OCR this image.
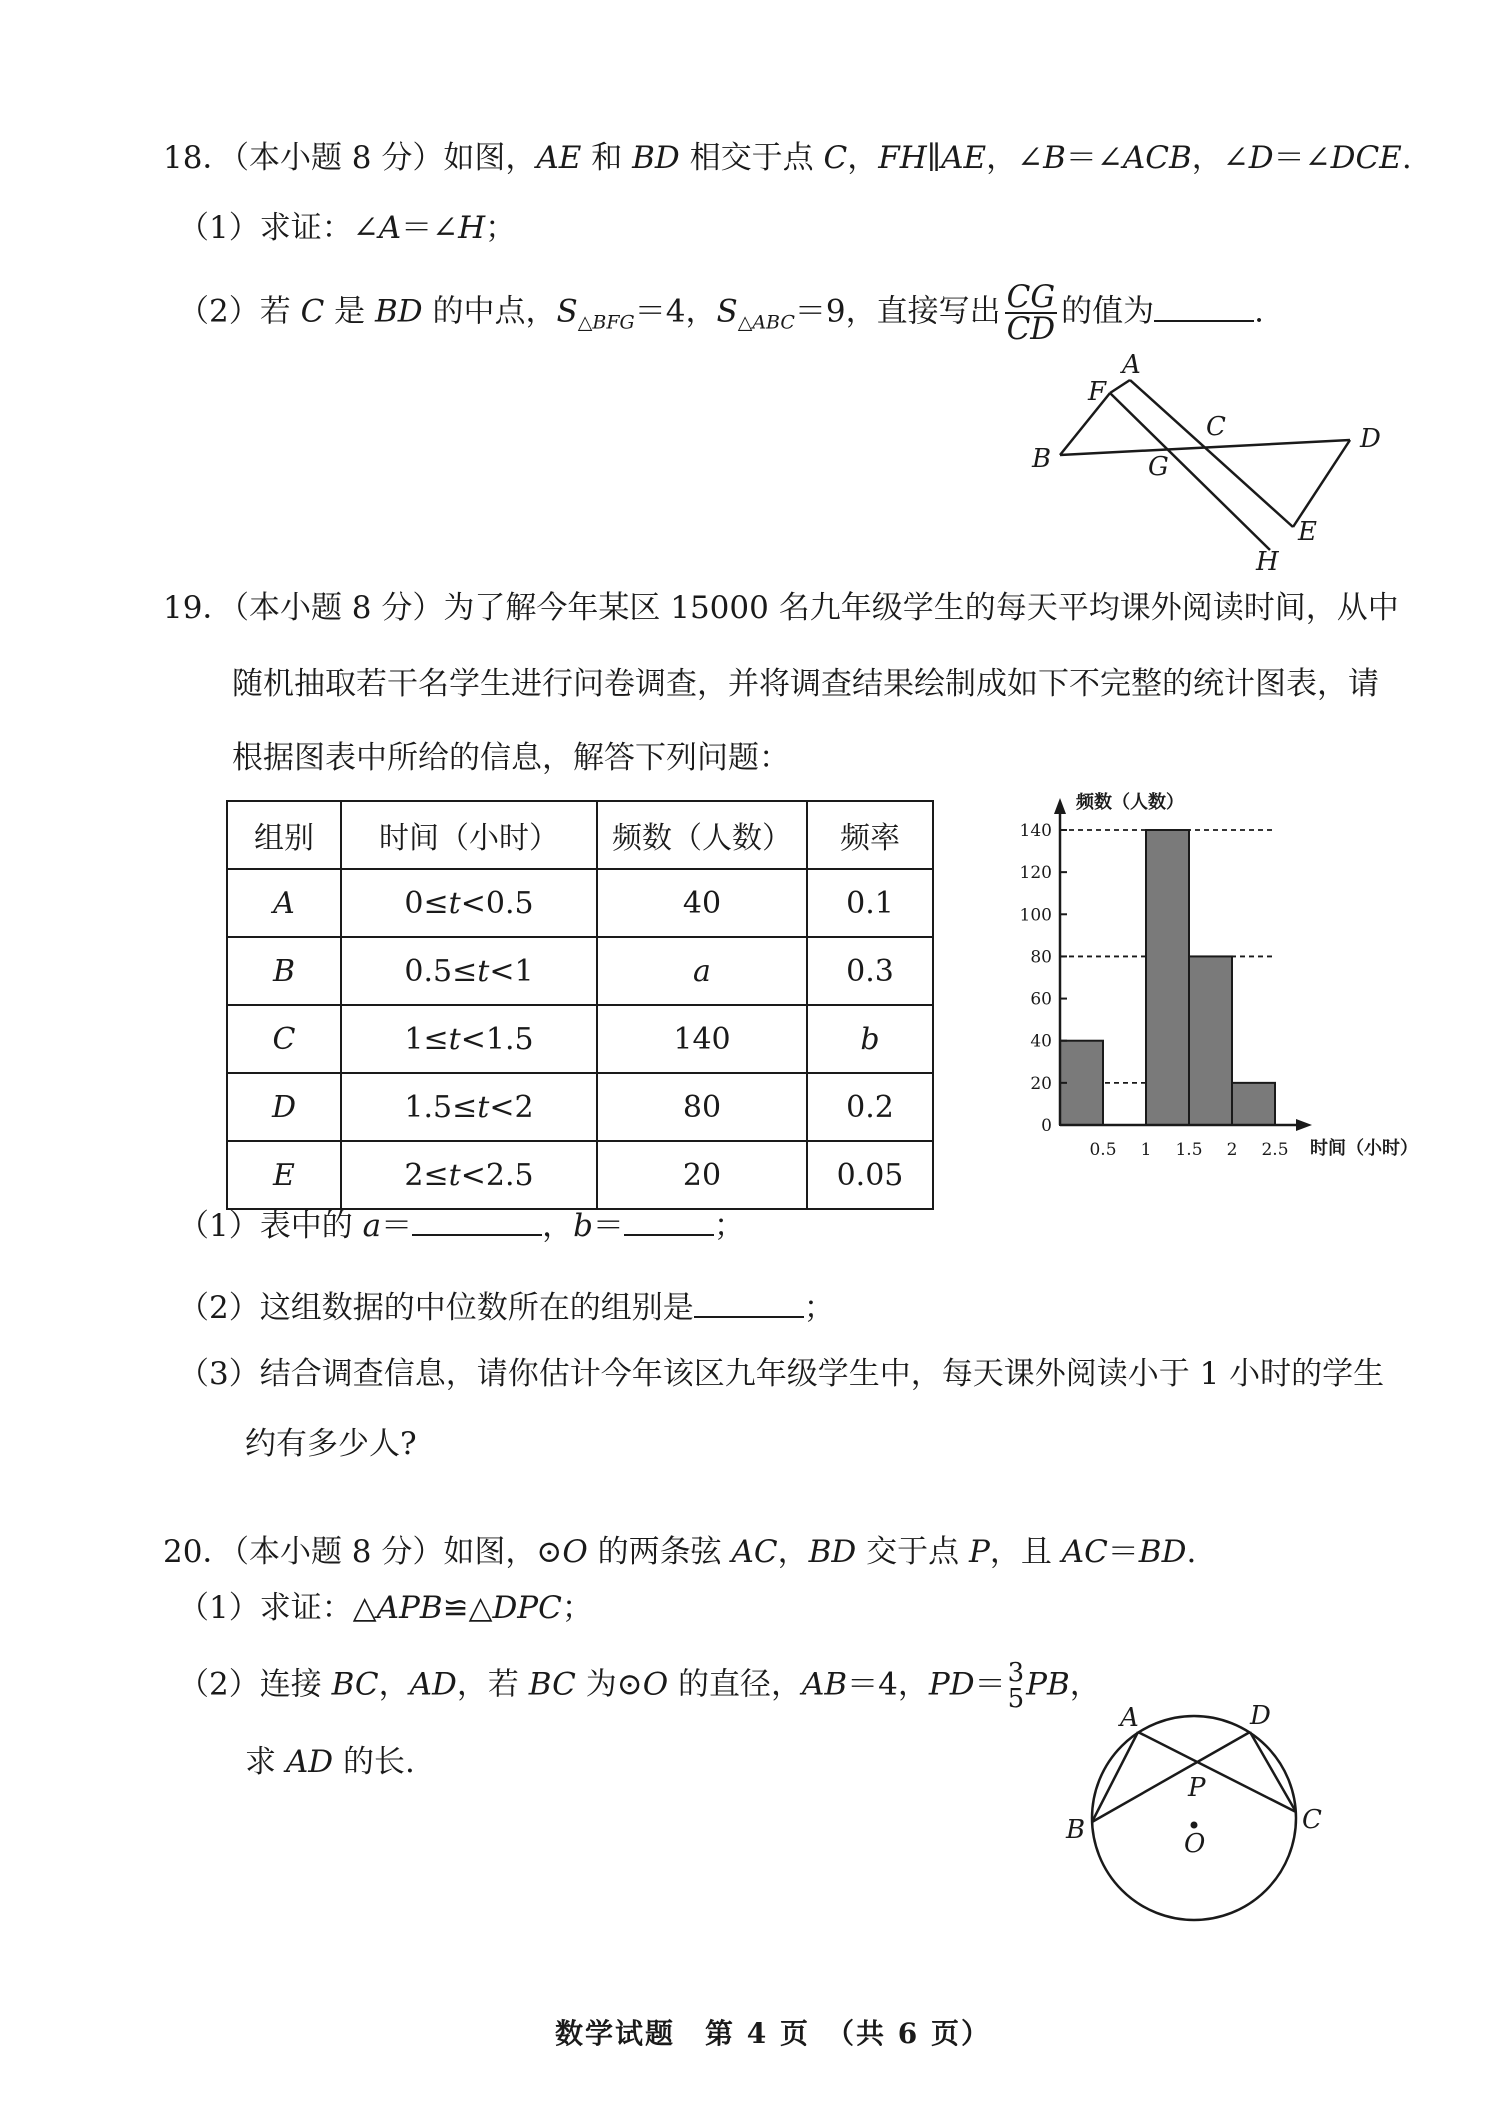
18．（本小题 8 分）如图，AE 和 BD 相交于点 C，FH∥AE，∠B＝∠ACB，∠D＝∠DCE.
（1）求证：∠A＝∠H；
（2）若 C 是 BD 的中点，$S_{\triangle BFG}=4$，$S_{\triangle ABC}=9$，直接写出 $\frac{CG}{CD}$ 的值为	.
A
F
C
B	G
D
E
H
19．（本小题 8 分）为了解今年某区 15000 名九年级学生的每天平均课外阅读时间，从中
随机抽取若干名学生进行问卷调查，并将调查结果绘制成如下不完整的统计图表，请
根据图表中所给的信息，解答下列问题：
组别	时间（小时）	频数（人数）	频率
A	0≤t<0.5	40	0.1
B	0.5≤t<1	a	0.3
C	1≤t<1.5	140	b
D	1.5≤t<2	80	0.2
E	2≤t<2.5	20	0.05
0
20
40
60
80
100
120
140
0.5 1 1.5 2 2.5
频数（人数）
时间（小时）
（1）表中的 a＝	，b＝	；
（2）这组数据的中位数所在的组别是	；
（3）结合调查信息，请你估计今年该区九年级学生中，每天课外阅读小于 1 小时的学生
约有多少人?
20．（本小题 8 分）如图，⊙O 的两条弦 AC，BD 交于点 P，且 AC＝BD.
（1）求证：△APB≌△DPC；
（2）连接 BC，AD，若 BC 为⊙O 的直径，AB＝4，PD＝ 3
5 PB，
求 AD 的长.
A	D
P
B	C
O
数学试题　第 4 页　（共 6 页）
